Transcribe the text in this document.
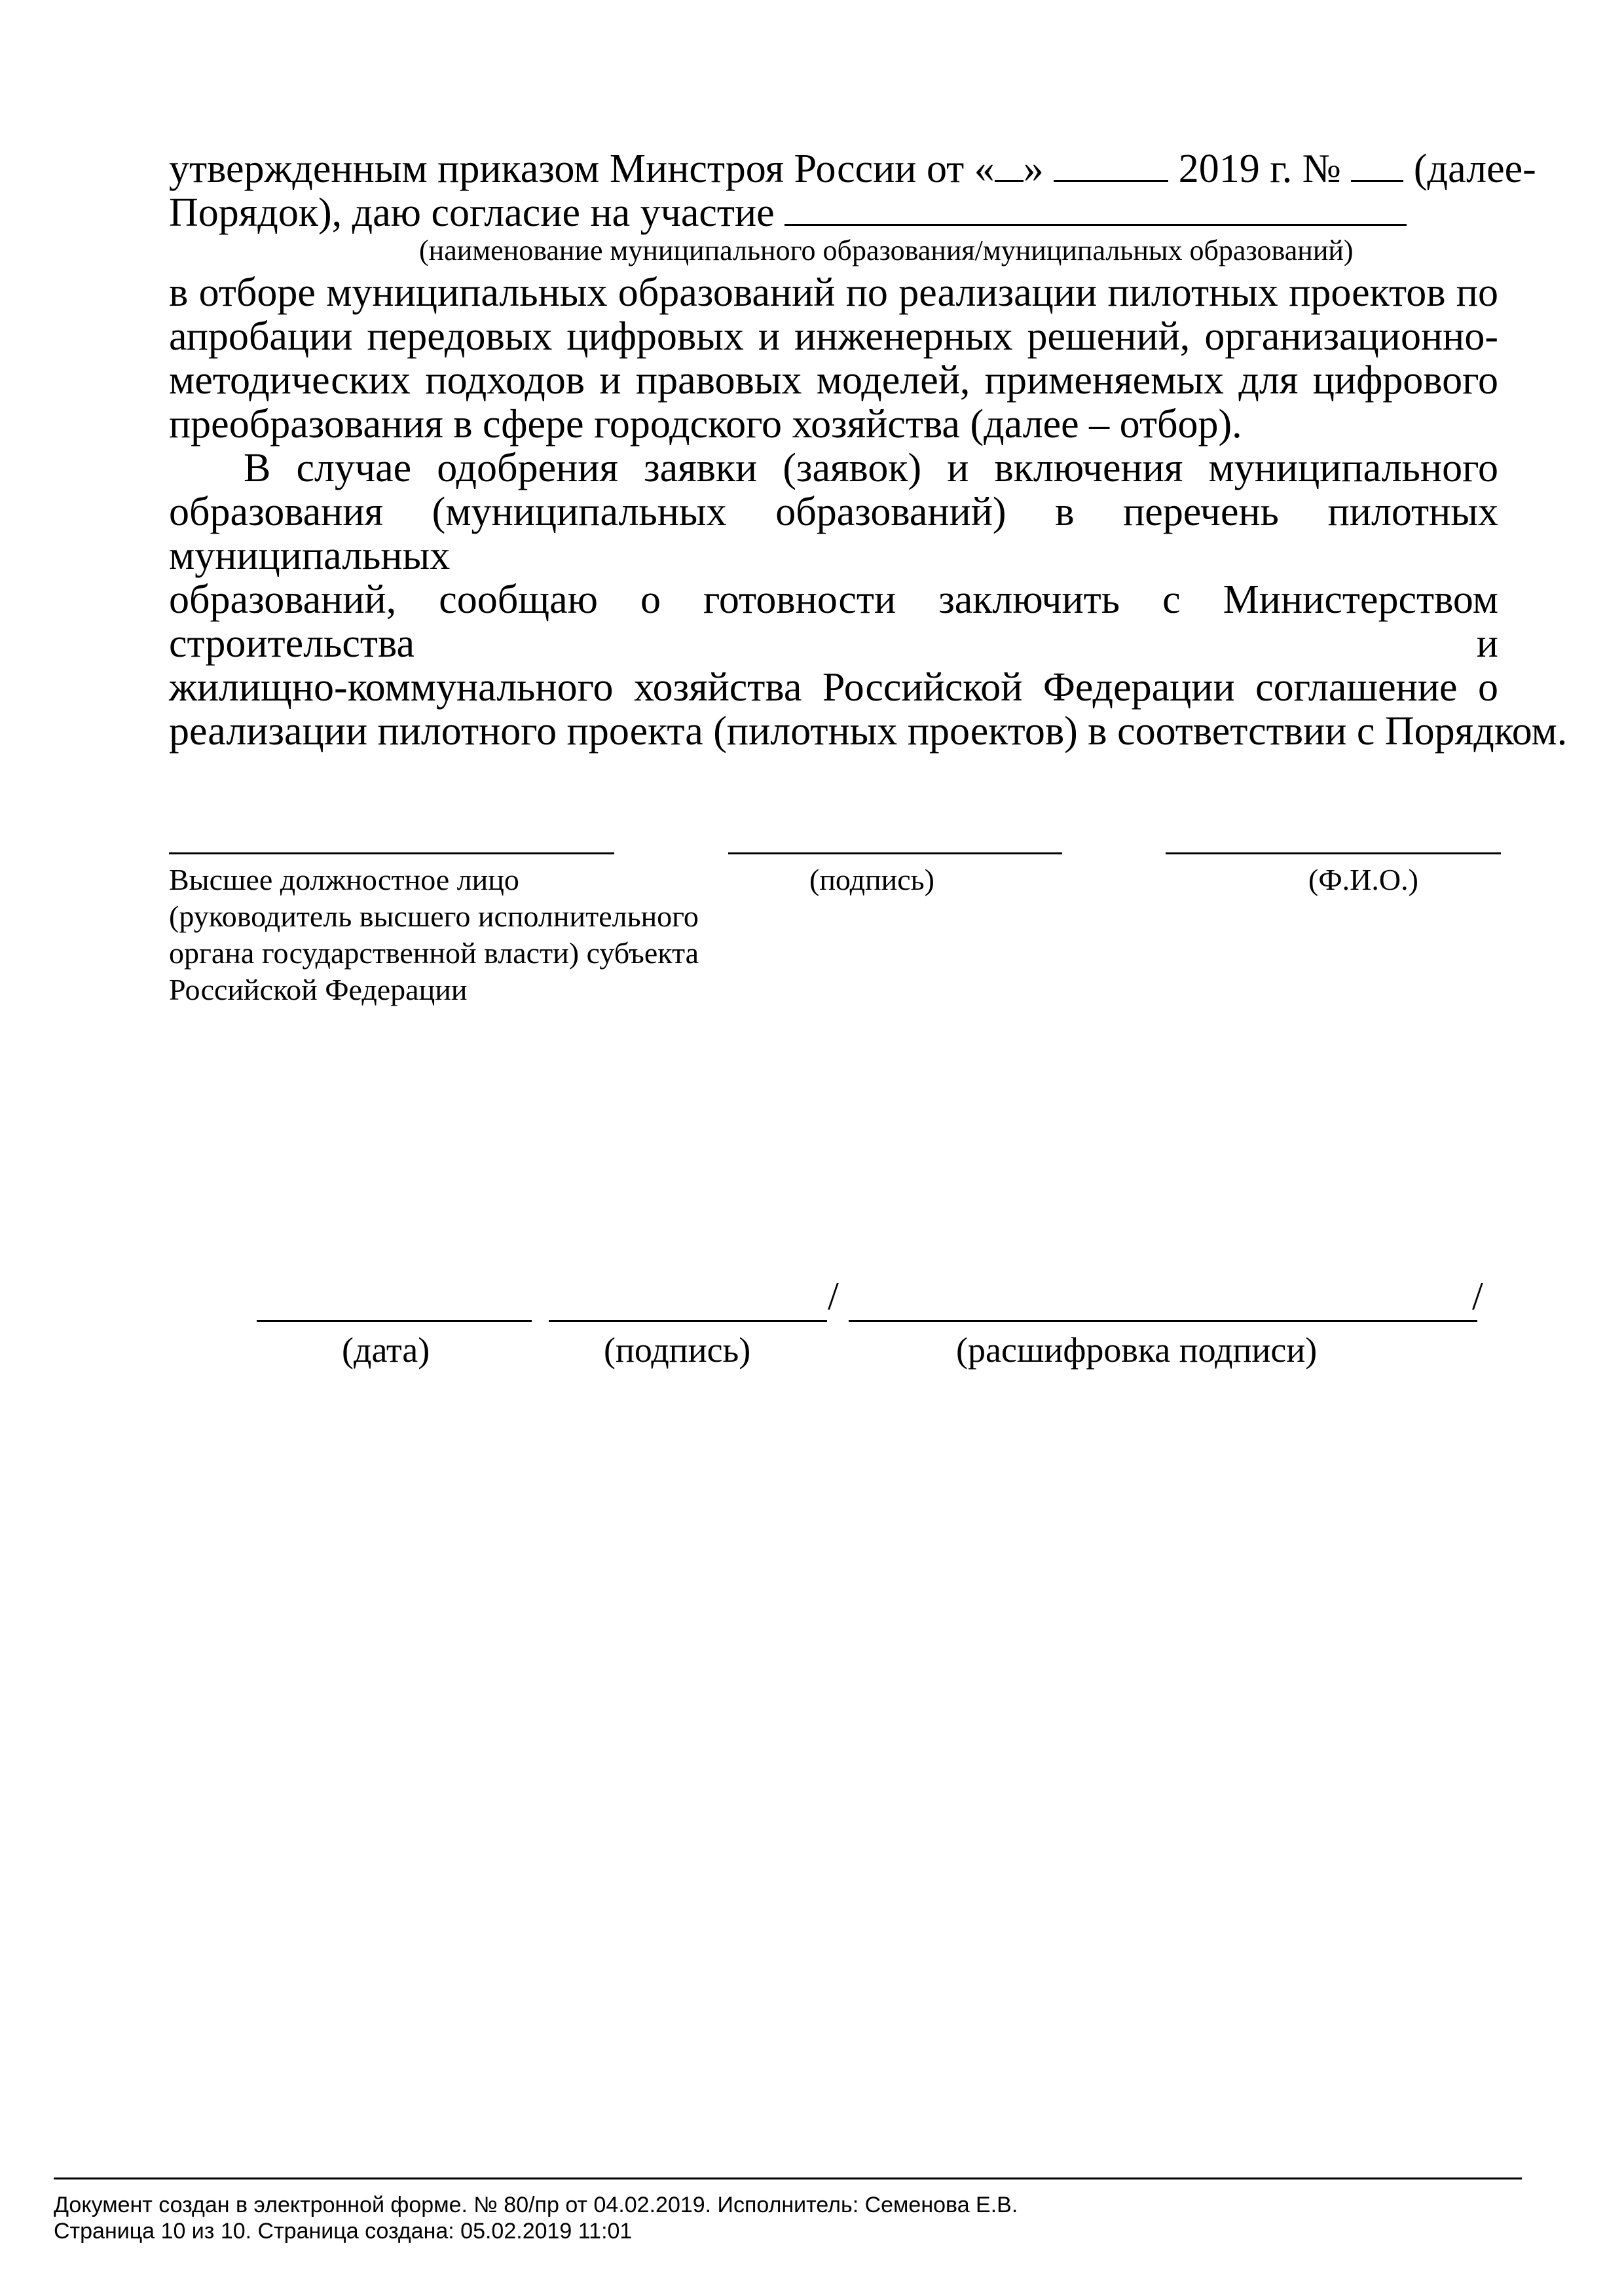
утвержденным приказом Минстроя России от « »	2019 г. № (далее-
Порядок), даю согласие на участие
(наименование муниципального образования/муниципальных образований)
в отборе муниципальных образований по реализации пилотных проектов по
апробации передовых цифровых и инженерных решений, организационно-
методических подходов и правовых моделей, применяемых для цифрового
преобразования в сфере городского хозяйства (далее – отбор).
В случае одобрения заявки (заявок) и включения муниципального
образования (муниципальных образований) в перечень пилотных муниципальных
образований, сообщаю о готовности заключить с Министерством строительства и
жилищно-коммунального хозяйства Российской Федерации соглашение о
реализации пилотного проекта (пилотных проектов) в соответствии с Порядком.
Высшее должностное лицо
(руководитель высшего исполнительного
органа государственной власти) субъекта
Российской Федерации
(подпись)	(Ф.И.О.)
/	/
(дата)	(подпись)	(расшифровка подписи)
Документ создан в электронной форме. № 80/пр от 04.02.2019. Исполнитель: Семенова Е.В.
Страница 10 из 10. Страница создана: 05.02.2019 11:01
